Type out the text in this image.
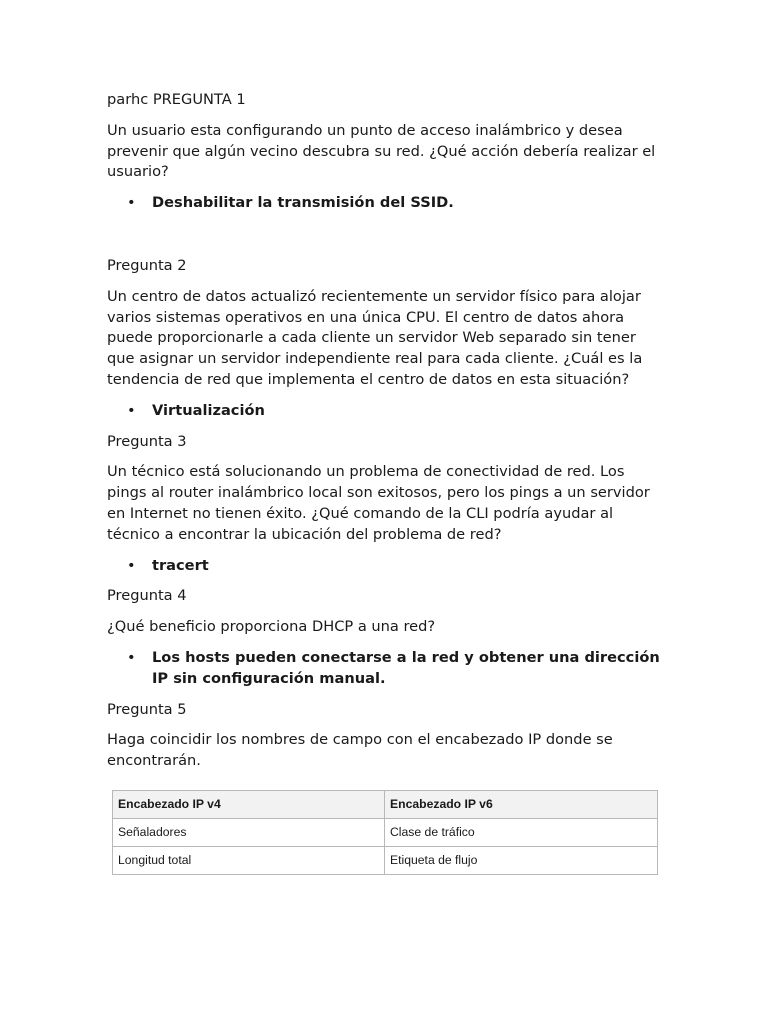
parhc PREGUNTA 1

Un usuario esta configurando un punto de acceso inalámbrico y desea prevenir que algún vecino descubra su red. ¿Qué acción debería realizar el usuario?

• Deshabilitar la transmisión del SSID.

Pregunta 2

Un centro de datos actualizó recientemente un servidor físico para alojar varios sistemas operativos en una única CPU. El centro de datos ahora puede proporcionarle a cada cliente un servidor Web separado sin tener que asignar un servidor independiente real para cada cliente. ¿Cuál es la tendencia de red que implementa el centro de datos en esta situación?

• Virtualización

Pregunta 3

Un técnico está solucionando un problema de conectividad de red. Los pings al router inalámbrico local son exitosos, pero los pings a un servidor en Internet no tienen éxito. ¿Qué comando de la CLI podría ayudar al técnico a encontrar la ubicación del problema de red?

• tracert

Pregunta 4

¿Qué beneficio proporciona DHCP a una red?

• Los hosts pueden conectarse a la red y obtener una dirección IP sin configuración manual.

Pregunta 5

Haga coincidir los nombres de campo con el encabezado IP donde se encontrarán.

Encabezado IP v4	Encabezado IP v6
Señaladores	Clase de tráfico
Longitud total	Etiqueta de flujo
